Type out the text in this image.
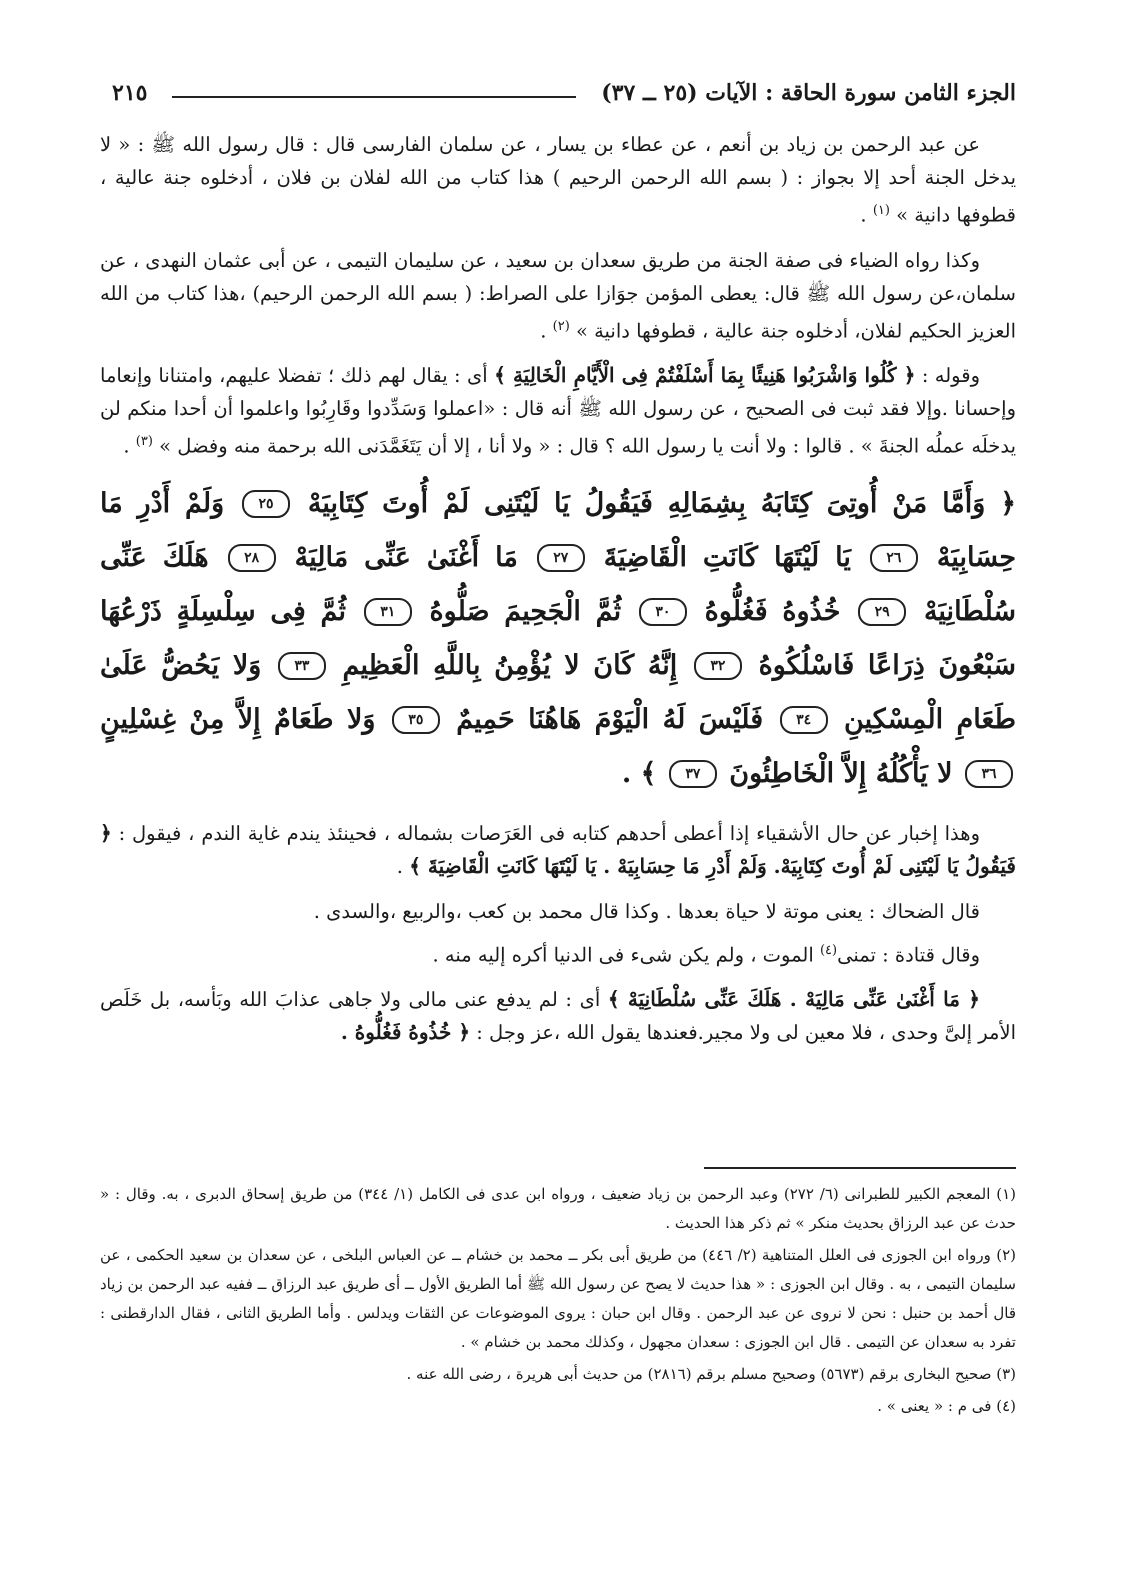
الجزء الثامن سورة الحاقة : الآيات (٢٥ ــ ٣٧)
٢١٥

عن عبد الرحمن بن زياد بن أنعم ، عن عطاء بن يسار ، عن سلمان الفارسى قال : قال رسول الله ﷺ : « لا يدخل الجنة أحد إلا بجواز : ( بسم الله الرحمن الرحيم ) هذا كتاب من الله لفلان بن فلان ، أدخلوه جنة عالية ، قطوفها دانية » $^{(١)}$ .

وكذا رواه الضياء فى صفة الجنة من طريق سعدان بن سعيد ، عن سليمان التيمى ، عن أبى عثمان النهدى ، عن سلمان،عن رسول الله ﷺ قال: يعطى المؤمن جوَازا على الصراط: ( بسم الله الرحمن الرحيم) ،هذا كتاب من الله العزيز الحكيم لفلان، أدخلوه جنة عالية ، قطوفها دانية » $^{(٢)}$ .

وقوله : ﴿ كُلُوا وَاشْرَبُوا هَنِيئًا بِمَا أَسْلَفْتُمْ فِى الْأَيَّامِ الْخَالِيَةِ ﴾ أى : يقال لهم ذلك ؛ تفضلا عليهم، وامتنانا وإنعاما وإحسانا .وإلا فقد ثبت فى الصحيح ، عن رسول الله ﷺ أنه قال : «اعملوا وَسَدِّدوا وقَارِبُوا واعلموا أن أحدا منكم لن يدخلَه عملُه الجنةَ » . قالوا : ولا أنت يا رسول الله ؟ قال : « ولا أنا ، إلا أن يَتَغَمَّدَنى الله برحمة منه وفضل » $^{(٣)}$ .

﴿ وَأَمَّا مَنْ أُوتِىَ كِتَابَهُ بِشِمَالِهِ فَيَقُولُ يَا لَيْتَنِى لَمْ أُوتَ كِتَابِيَهْ ٢٥ وَلَمْ أَدْرِ مَا حِسَابِيَهْ ٢٦ يَا لَيْتَهَا كَانَتِ الْقَاضِيَةَ ٢٧ مَا أَغْنَىٰ عَنِّى مَالِيَهْ ٢٨ هَلَكَ عَنِّى سُلْطَانِيَهْ ٢٩ خُذُوهُ فَغُلُّوهُ ٣٠ ثُمَّ الْجَحِيمَ صَلُّوهُ ٣١ ثُمَّ فِى سِلْسِلَةٍ ذَرْعُهَا سَبْعُونَ ذِرَاعًا فَاسْلُكُوهُ ٣٢ إِنَّهُ كَانَ لا يُؤْمِنُ بِاللَّهِ الْعَظِيمِ ٣٣ وَلا يَحُضُّ عَلَىٰ طَعَامِ الْمِسْكِينِ ٣٤ فَلَيْسَ لَهُ الْيَوْمَ هَاهُنَا حَمِيمٌ ٣٥ وَلا طَعَامٌ إِلاَّ مِنْ غِسْلِينٍ ٣٦ لا يَأْكُلُهُ إِلاَّ الْخَاطِئُونَ ٣٧ ﴾ .

وهذا إخبار عن حال الأشقياء إذا أعطى أحدهم كتابه فى العَرَصات بشماله ، فحينئذ يندم غاية الندم ، فيقول : ﴿ فَيَقُولُ يَا لَيْتَنِى لَمْ أُوتَ كِتَابِيَهْ. وَلَمْ أَدْرِ مَا حِسَابِيَهْ . يَا لَيْتَهَا كَانَتِ الْقَاضِيَةَ ﴾ .

قال الضحاك : يعنى موتة لا حياة بعدها . وكذا قال محمد بن كعب ،والربيع ،والسدى .

وقال قتادة : تمنى$^{(٤)}$ الموت ، ولم يكن شىء فى الدنيا أكره إليه منه .

﴿ مَا أَغْنَىٰ عَنِّى مَالِيَهْ . هَلَكَ عَنِّى سُلْطَانِيَهْ ﴾ أى : لم يدفع عنى مالى ولا جاهى عذابَ الله وبَأسه، بل خَلَص الأمر إلىَّ وحدى ، فلا معين لى ولا مجير.فعندها يقول الله ،عز وجل : ﴿ خُذُوهُ فَغُلُّوهُ .

(١) المعجم الكبير للطبرانى (٦/ ٢٧٢) وعبد الرحمن بن زياد ضعيف ، ورواه ابن عدى فى الكامل (١/ ٣٤٤) من طريق إسحاق الدبرى ، به. وقال : « حدث عن عبد الرزاق بحديث منكر » ثم ذكر هذا الحديث .

(٢) ورواه ابن الجوزى فى العلل المتناهية (٢/ ٤٤٦) من طريق أبى بكر ــ محمد بن خشام ــ عن العباس البلخى ، عن سعدان بن سعيد الحكمى ، عن سليمان التيمى ، به . وقال ابن الجوزى : « هذا حديث لا يصح عن رسول الله ﷺ أما الطريق الأول ــ أى طريق عبد الرزاق ــ ففيه عبد الرحمن بن زياد قال أحمد بن حنبل : نحن لا نروى عن عبد الرحمن . وقال ابن حبان : يروى الموضوعات عن الثقات ويدلس . وأما الطريق الثانى ، فقال الدارقطنى : تفرد به سعدان عن التيمى . قال ابن الجوزى : سعدان مجهول ، وكذلك محمد بن خشام » .

(٣) صحيح البخارى برقم (٥٦٧٣) وصحيح مسلم برقم (٢٨١٦) من حديث أبى هريرة ، رضى الله عنه .

(٤) فى م : « يعنى » .
